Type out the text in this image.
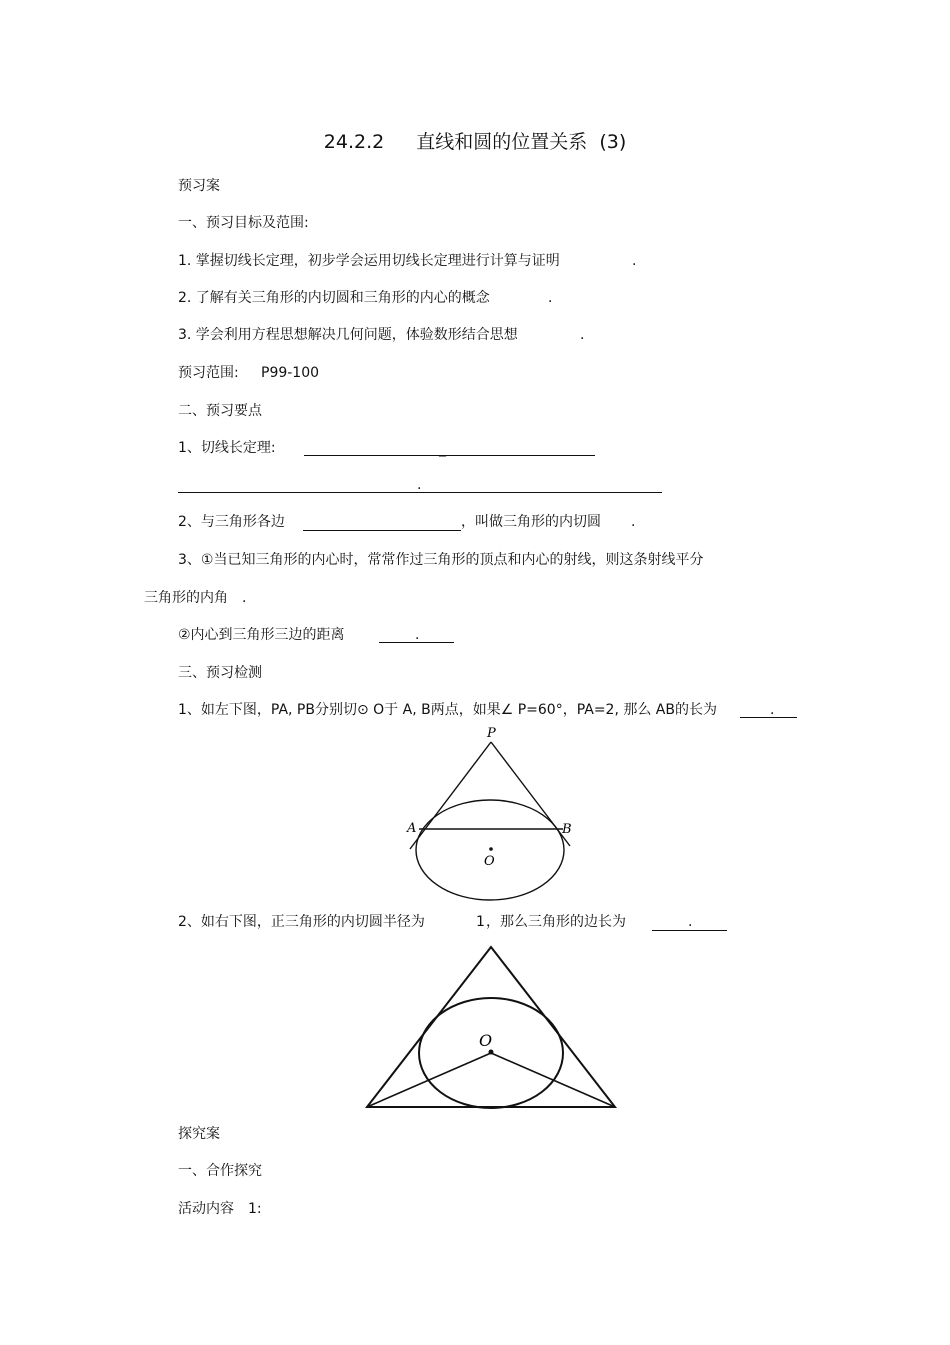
24.2.2 直线和圆的位置关系 (3)
预习案
一、预习目标及范围:
1. 掌握切线长定理，初步学会运用切线长定理进行计算与证明	.
2. 了解有关三角形的内切圆和三角形的内心的概念	.
3. 学会利用方程思想解决几何问题，体验数形结合思想	.
预习范围: P99-100
二、预习要点
1、切线长定理:	_
.
2、与三角形各边	，叫做三角形的内切圆 .
3、①当已知三角形的内心时，常常作过三角形的顶点和内心的射线，则这条射线平分
三角形的内角 .
②内心到三角形三边的距离	.
三、预习检测
1、如左下图，PA, PB分别切⊙ O于 A, B两点，如果∠ P=60°，PA=2, 那么 AB的长为	.
P
A	B
O
2、如右下图，正三角形的内切圆半径为	1 ，那么三角形的边长为	.
O
探究案
一、合作探究
活动内容 1:
